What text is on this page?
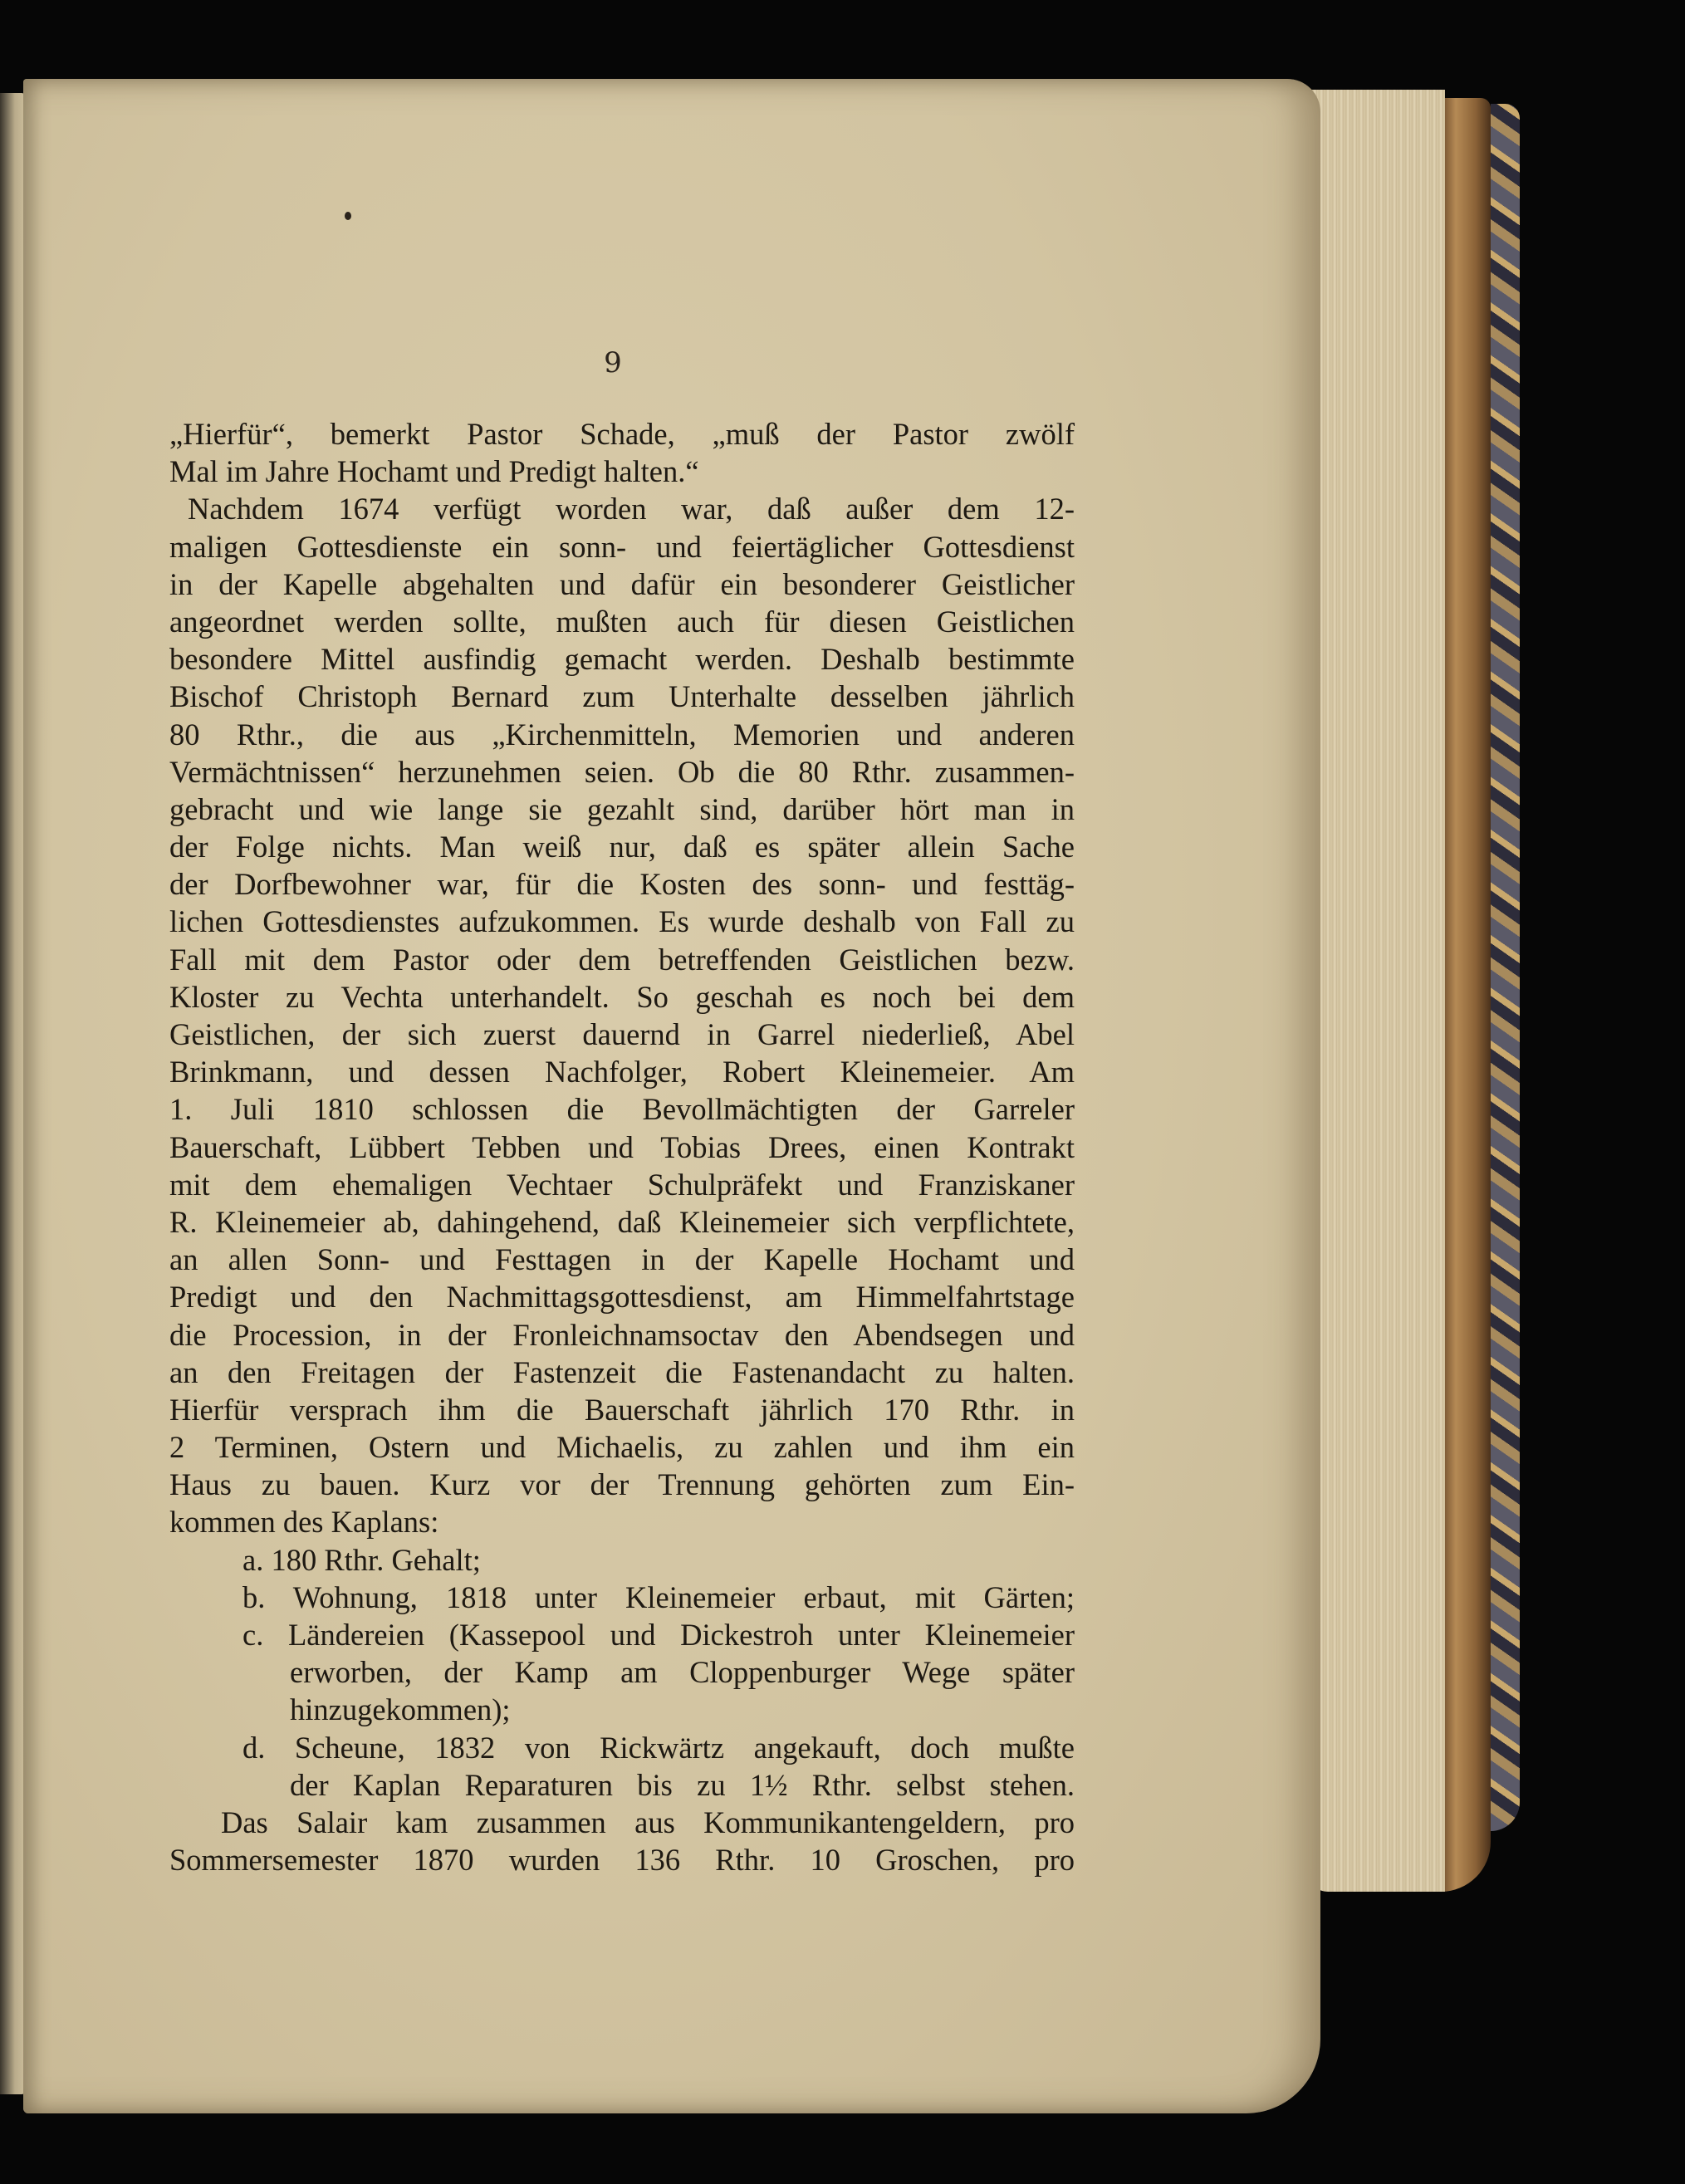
9
„Hierfür“, bemerkt Pastor Schade, „muß der Pastor zwölf
Mal im Jahre Hochamt und Predigt halten.“
Nachdem 1674 verfügt worden war, daß außer dem 12-
maligen Gottesdienste ein sonn- und feiertäglicher Gottesdienst
in der Kapelle abgehalten und dafür ein besonderer Geistlicher
angeordnet werden sollte, mußten auch für diesen Geistlichen
besondere Mittel ausfindig gemacht werden. Deshalb bestimmte
Bischof Christoph Bernard zum Unterhalte desselben jährlich
80 Rthr., die aus „Kirchenmitteln, Memorien und anderen
Vermächtnissen“ herzunehmen seien. Ob die 80 Rthr. zusammen-
gebracht und wie lange sie gezahlt sind, darüber hört man in
der Folge nichts. Man weiß nur, daß es später allein Sache
der Dorfbewohner war, für die Kosten des sonn- und festtäg-
lichen Gottesdienstes aufzukommen. Es wurde deshalb von Fall zu
Fall mit dem Pastor oder dem betreffenden Geistlichen bezw.
Kloster zu Vechta unterhandelt. So geschah es noch bei dem
Geistlichen, der sich zuerst dauernd in Garrel niederließ, Abel
Brinkmann, und dessen Nachfolger, Robert Kleinemeier. Am
1. Juli 1810 schlossen die Bevollmächtigten der Garreler
Bauerschaft, Lübbert Tebben und Tobias Drees, einen Kontrakt
mit dem ehemaligen Vechtaer Schulpräfekt und Franziskaner
R. Kleinemeier ab, dahingehend, daß Kleinemeier sich verpflichtete,
an allen Sonn- und Festtagen in der Kapelle Hochamt und
Predigt und den Nachmittagsgottesdienst, am Himmelfahrtstage
die Procession, in der Fronleichnamsoctav den Abendsegen und
an den Freitagen der Fastenzeit die Fastenandacht zu halten.
Hierfür versprach ihm die Bauerschaft jährlich 170 Rthr. in
2 Terminen, Ostern und Michaelis, zu zahlen und ihm ein
Haus zu bauen. Kurz vor der Trennung gehörten zum Ein-
kommen des Kaplans:
a. 180 Rthr. Gehalt;
b. Wohnung, 1818 unter Kleinemeier erbaut, mit Gärten;
c. Ländereien (Kassepool und Dickestroh unter Kleinemeier
erworben, der Kamp am Cloppenburger Wege später
hinzugekommen);
d. Scheune, 1832 von Rickwärtz angekauft, doch mußte
der Kaplan Reparaturen bis zu 1½ Rthr. selbst stehen.
Das Salair kam zusammen aus Kommunikantengeldern, pro
Sommersemester 1870 wurden 136 Rthr. 10 Groschen, pro
